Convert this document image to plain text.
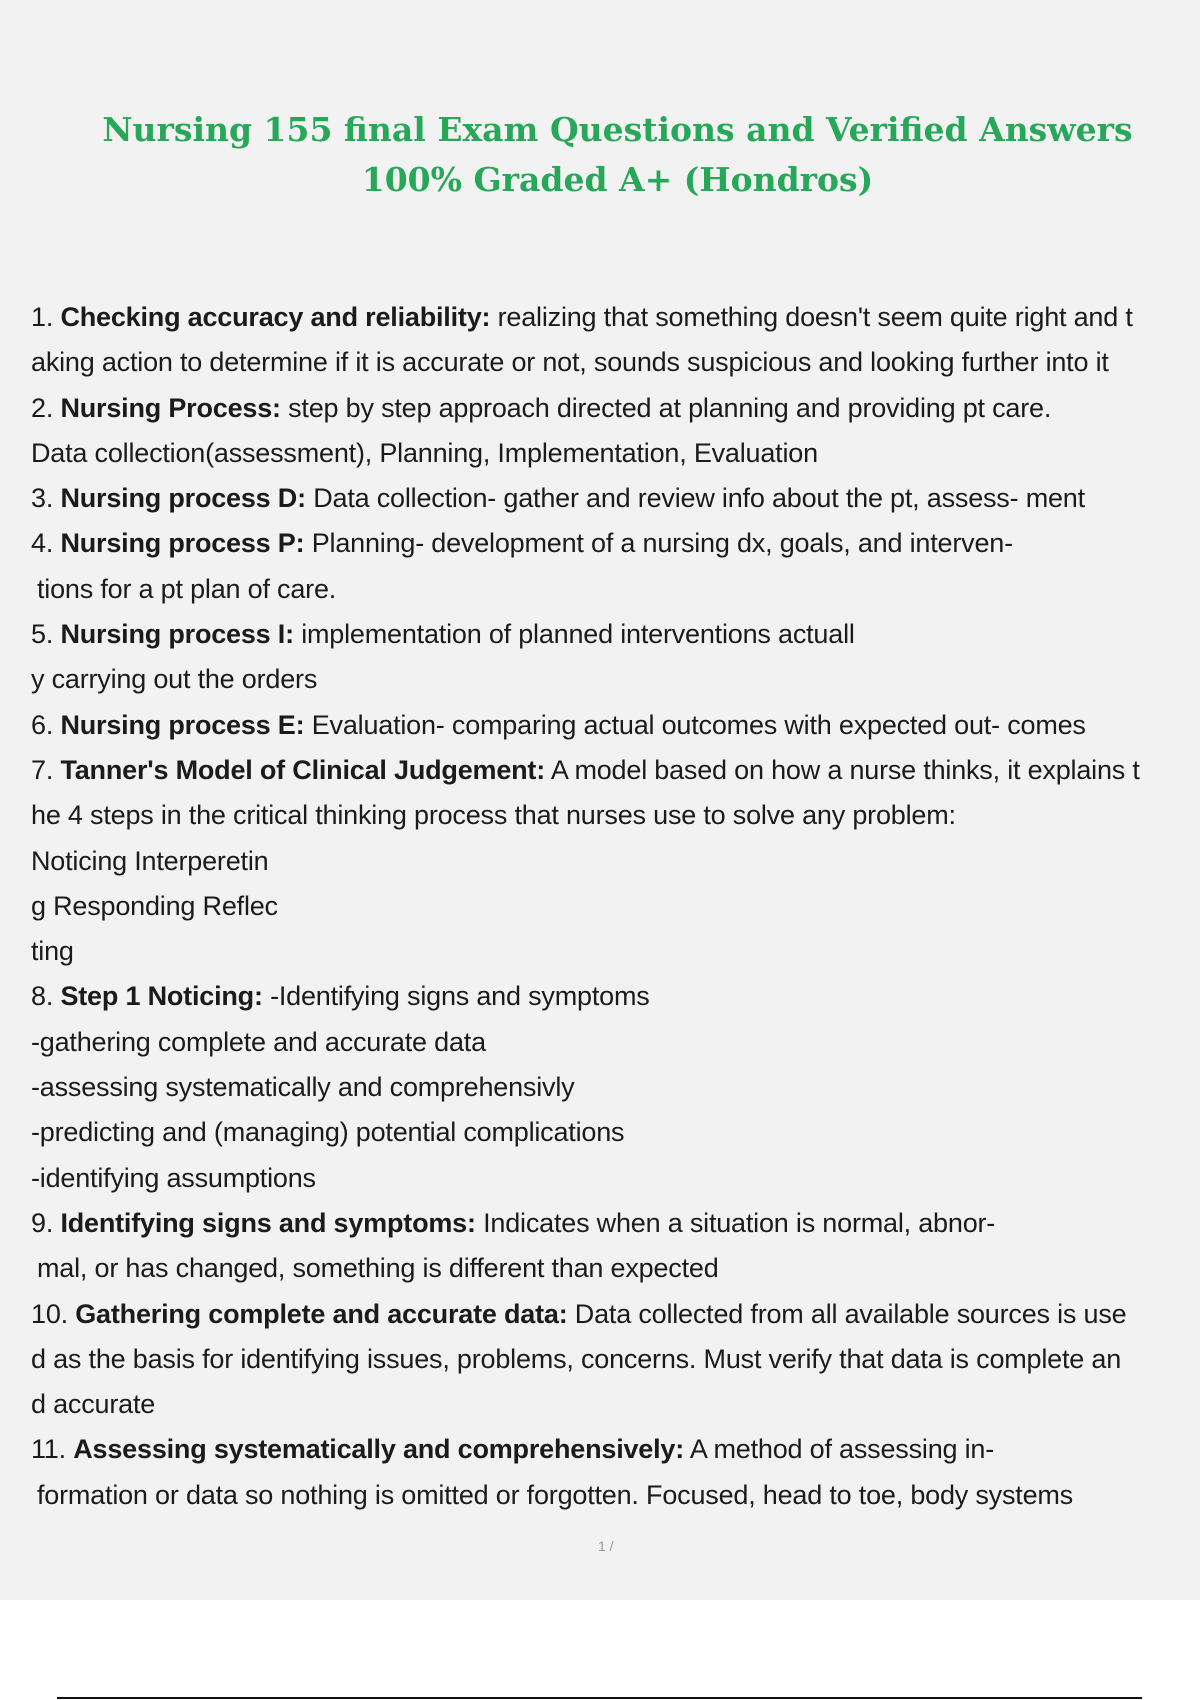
Nursing 155 final Exam Questions and Verified Answers
100% Graded A+ (Hondros)
1. Checking accuracy and reliability: realizing that something doesn't seem quite right and t
aking action to determine if it is accurate or not, sounds suspicious and looking further into it
2. Nursing Process: step by step approach directed at planning and providing pt care.
Data collection(assessment), Planning, Implementation, Evaluation
3. Nursing process D: Data collection- gather and review info about the pt, assess- ment
4. Nursing process P: Planning- development of a nursing dx, goals, and interven-
tions for a pt plan of care.
5. Nursing process I: implementation of planned interventions actuall
y carrying out the orders
6. Nursing process E: Evaluation- comparing actual outcomes with expected out- comes
7. Tanner's Model of Clinical Judgement: A model based on how a nurse thinks, it explains t
he 4 steps in the critical thinking process that nurses use to solve any problem:
Noticing Interperetin
g Responding Reflec
ting
8. Step 1 Noticing: -Identifying signs and symptoms
-gathering complete and accurate data
-assessing systematically and comprehensivly
-predicting and (managing) potential complications
-identifying assumptions
9. Identifying signs and symptoms: Indicates when a situation is normal, abnor-
mal, or has changed, something is different than expected
10. Gathering complete and accurate data: Data collected from all available sources is use
d as the basis for identifying issues, problems, concerns. Must verify that data is complete an
d accurate
11. Assessing systematically and comprehensively: A method of assessing in-
formation or data so nothing is omitted or forgotten. Focused, head to toe, body systems
1 /
